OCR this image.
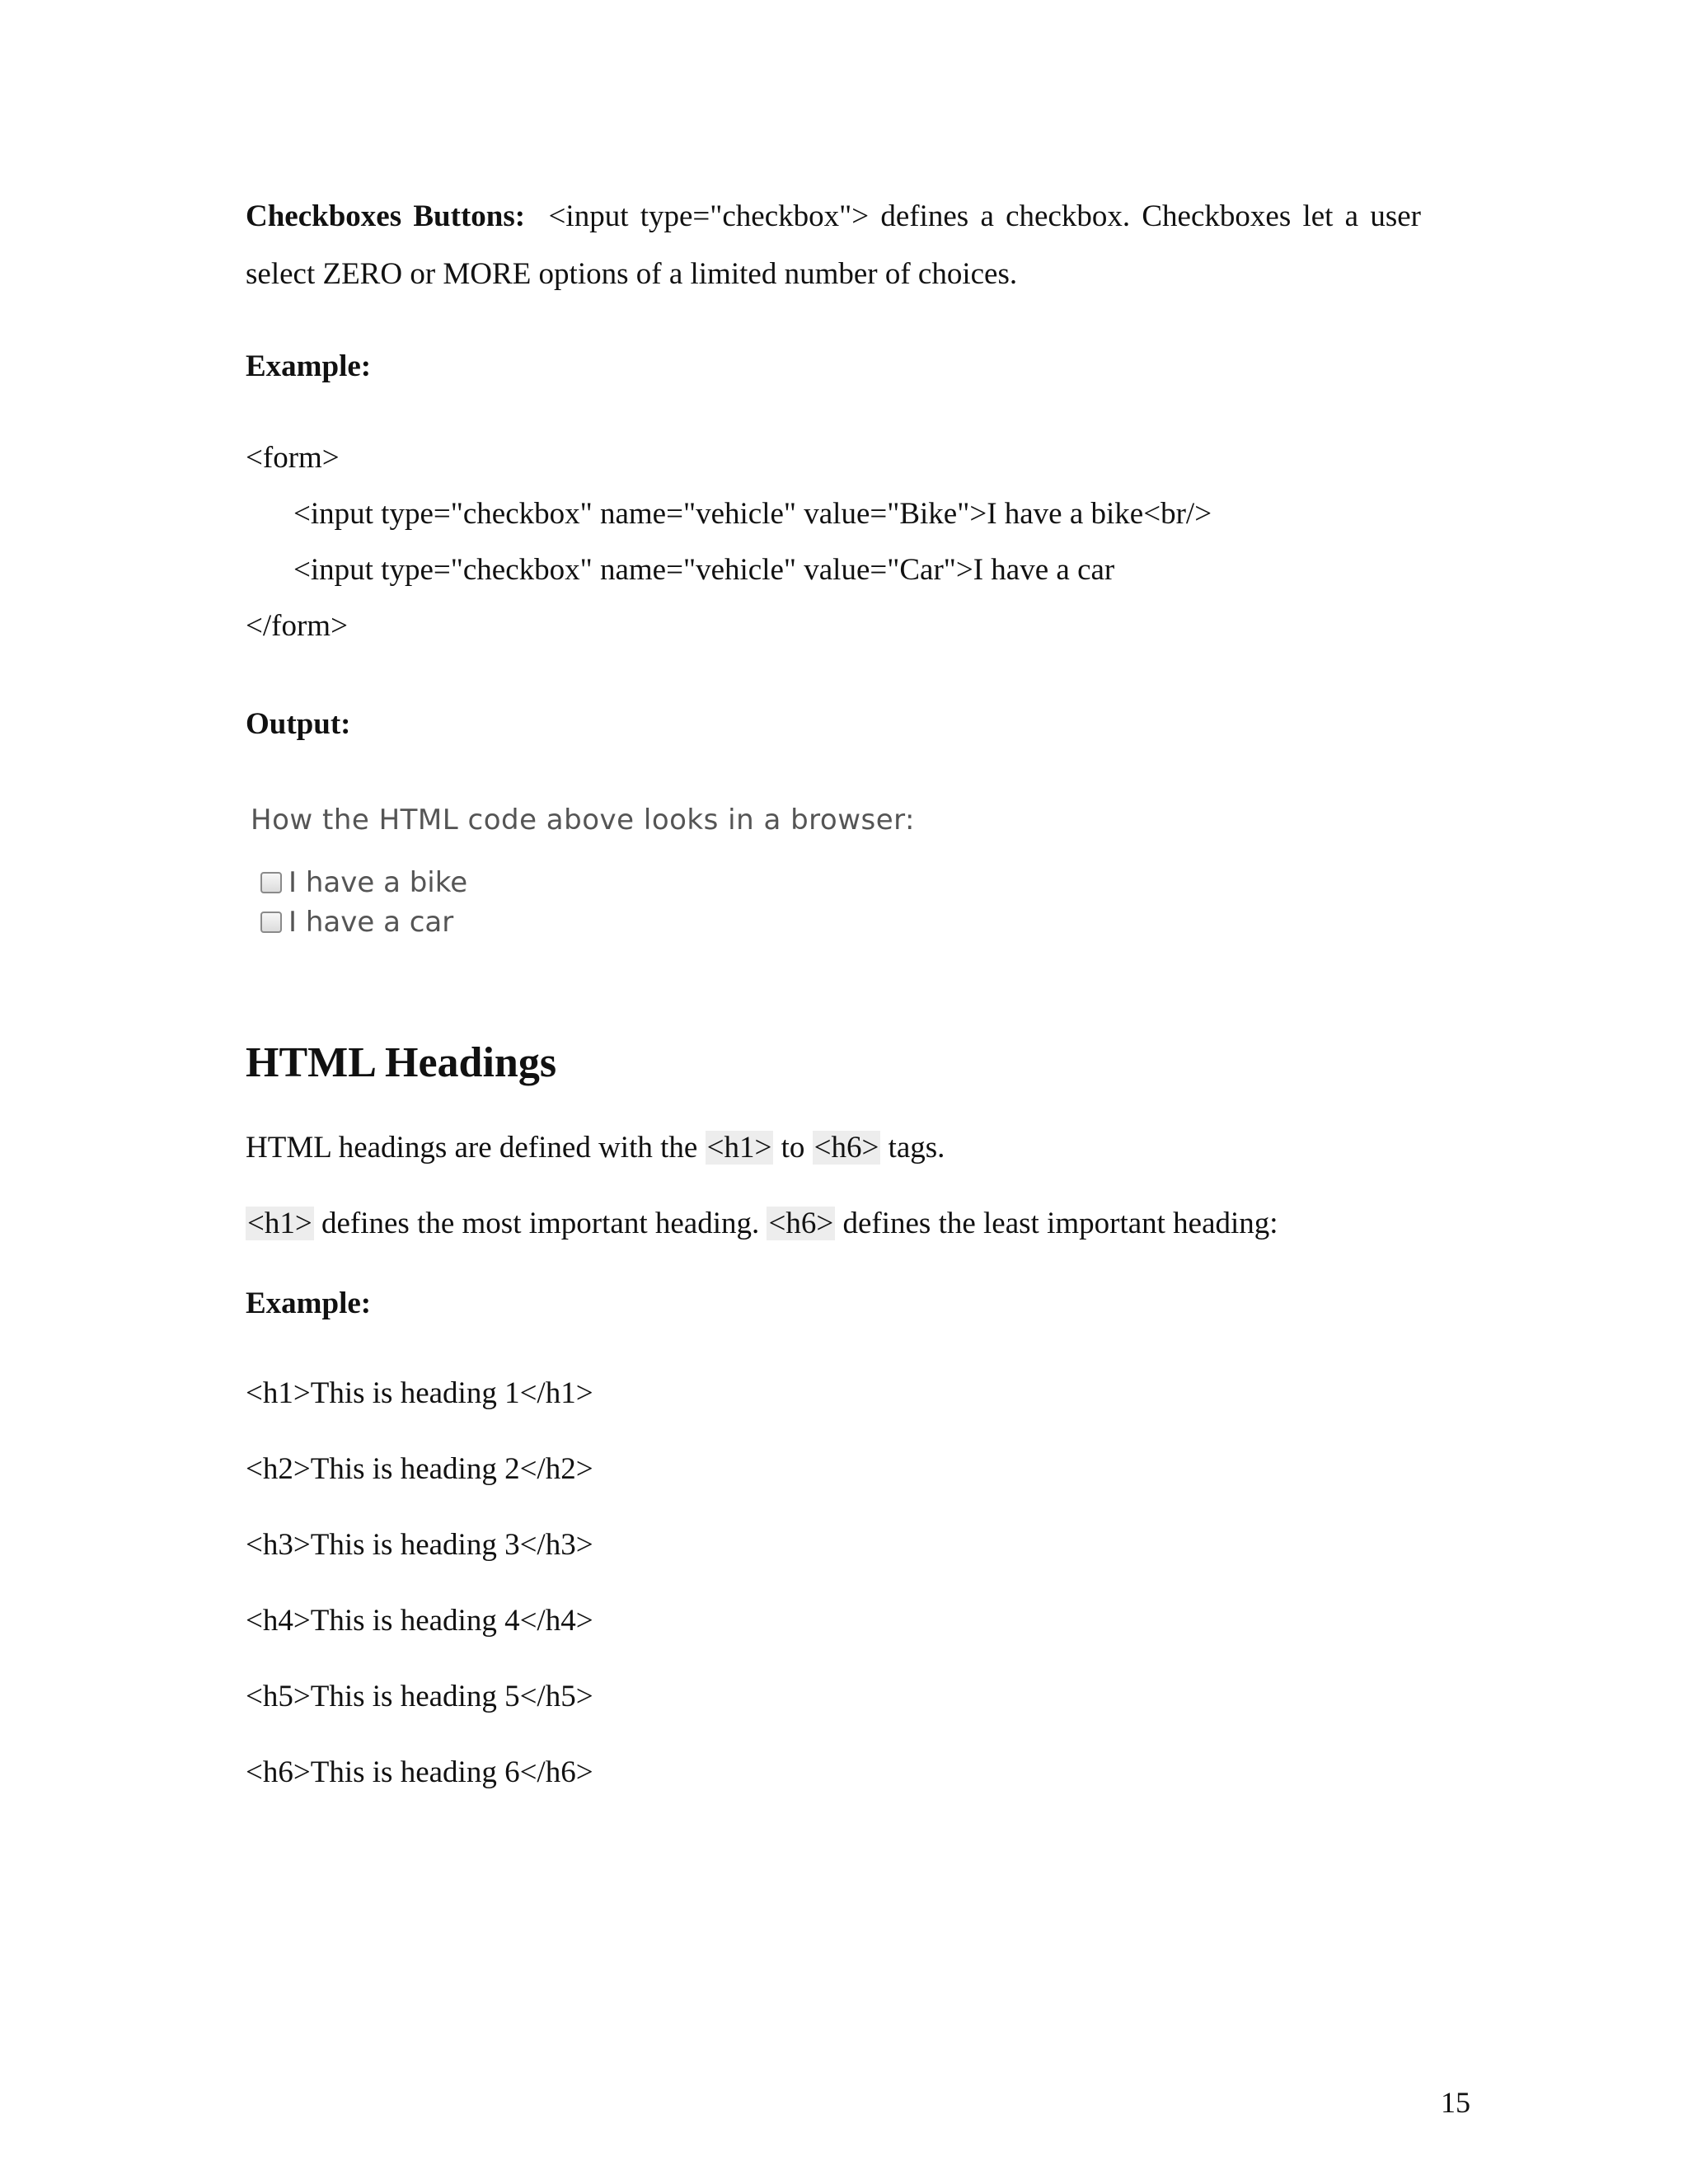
Checkboxes Buttons: <input type="checkbox"> defines a checkbox. Checkboxes let a user select ZERO or MORE options of a limited number of choices.

Example:

<form>

<input type="checkbox" name="vehicle" value="Bike">I have a bike<br/>

<input type="checkbox" name="vehicle" value="Car">I have a car

</form>

Output:

How the HTML code above looks in a browser:

I have a bike
I have a car
HTML Headings

HTML headings are defined with the <h1> to <h6> tags.

<h1> defines the most important heading. <h6> defines the least important heading:

Example:

<h1>This is heading 1</h1>

<h2>This is heading 2</h2>

<h3>This is heading 3</h3>

<h4>This is heading 4</h4>

<h5>This is heading 5</h5>

<h6>This is heading 6</h6>

15
